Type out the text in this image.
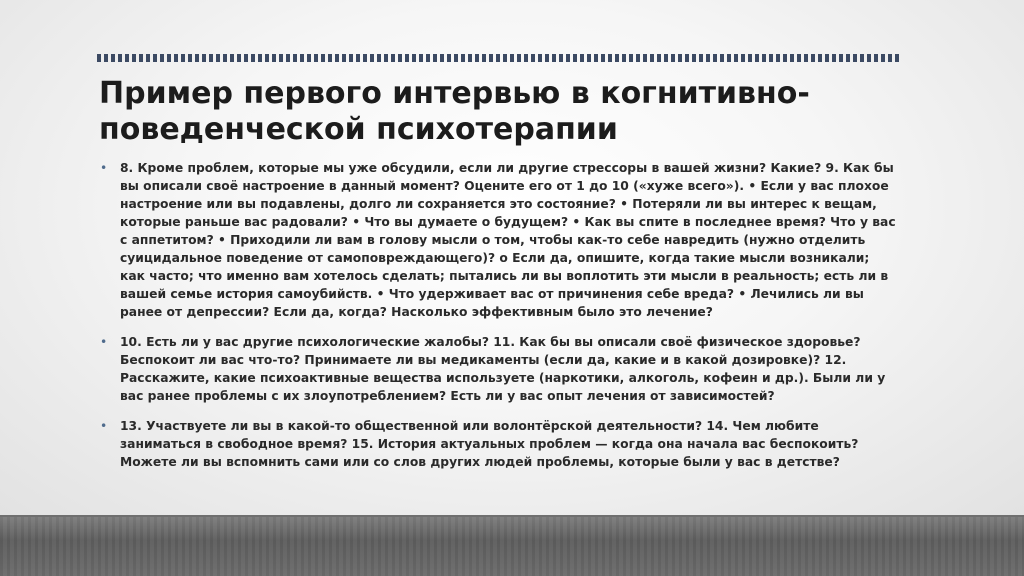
Пример первого интервью в когнитивно-поведенческой психотерапии
• 8. Кроме проблем, которые мы уже обсудили, если ли другие стрессоры в вашей жизни? Какие? 9. Как бы вы описали своё настроение в данный момент? Оцените его от 1 до 10 («хуже всего»). • Если у вас плохое настроение или вы подавлены, долго ли сохраняется это состояние? • Потеряли ли вы интерес к вещам, которые раньше вас радовали? • Что вы думаете о будущем? • Как вы спите в последнее время? Что у вас с аппетитом? • Приходили ли вам в голову мысли о том, чтобы как-то себе навредить (нужно отделить суицидальное поведение от самоповреждающего)? о Если да, опишите, когда такие мысли возникали; как часто; что именно вам хотелось сделать; пытались ли вы воплотить эти мысли в реальность; есть ли в вашей семье история самоубийств. • Что удерживает вас от причинения себе вреда? • Лечились ли вы ранее от депрессии? Если да, когда? Насколько эффективным было это лечение?
• 10. Есть ли у вас другие психологические жалобы? 11. Как бы вы описали своё физическое здоровье? Беспокоит ли вас что-то? Принимаете ли вы медикаменты (если да, какие и в какой дозировке)? 12. Расскажите, какие психоактивные вещества используете (наркотики, алкоголь, кофеин и др.). Были ли у вас ранее проблемы с их злоупотреблением? Есть ли у вас опыт лечения от зависимостей?
• 13. Участвуете ли вы в какой-то общественной или волонтёрской деятельности? 14. Чем любите заниматься в свободное время? 15. История актуальных проблем — когда она начала вас беспокоить? Можете ли вы вспомнить сами или со слов других людей проблемы, которые были у вас в детстве?
